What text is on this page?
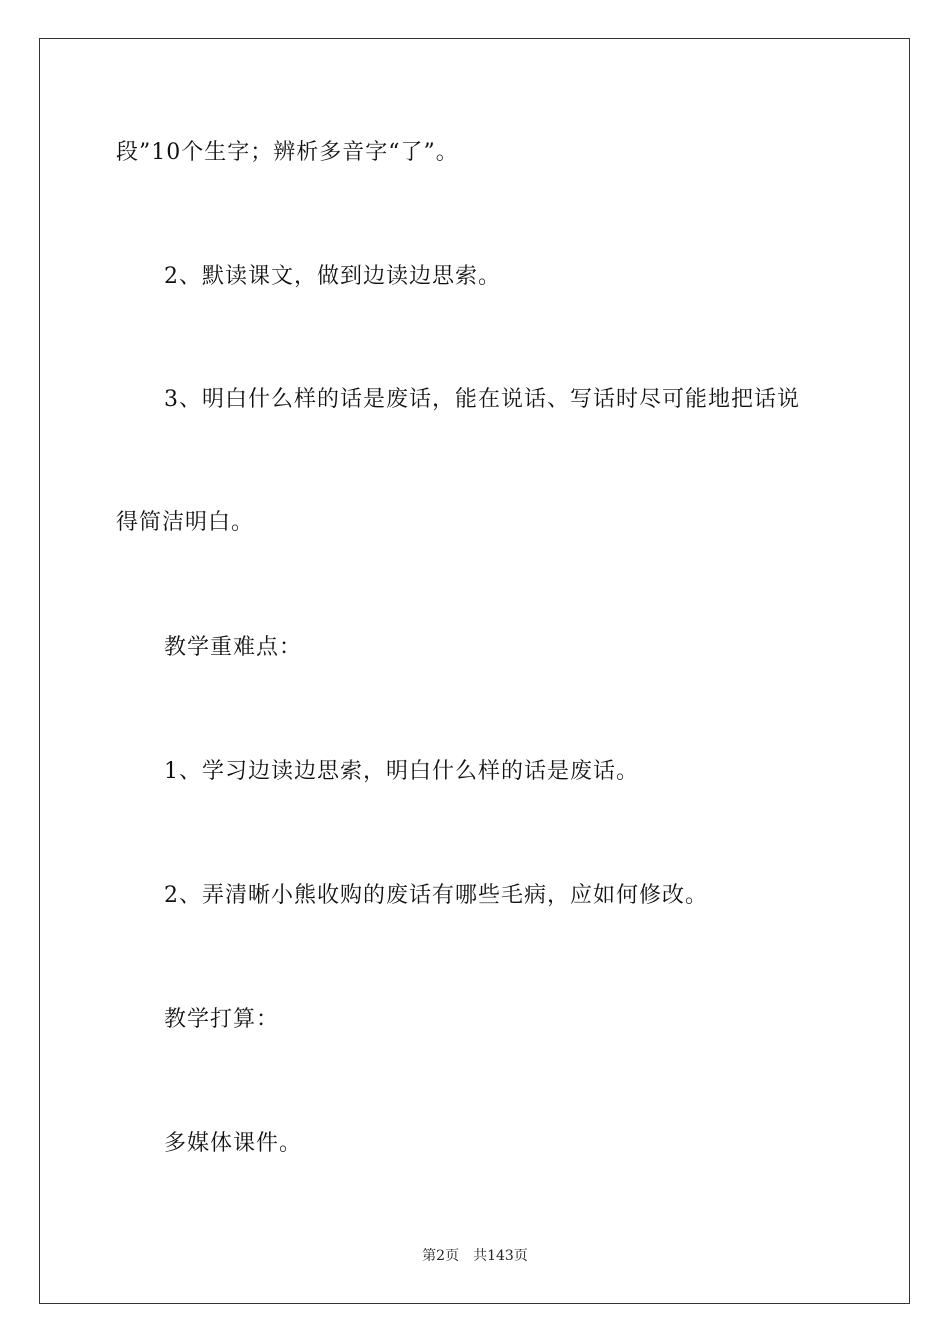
段”10个生字；辨析多音字“了”。
2、默读课文，做到边读边思索。
3、明白什么样的话是废话，能在说话、写话时尽可能地把话说
得简洁明白。
教学重难点：
1、学习边读边思索，明白什么样的话是废话。
2、弄清晰小熊收购的废话有哪些毛病，应如何修改。
教学打算：
多媒体课件。
第2页 共143页
